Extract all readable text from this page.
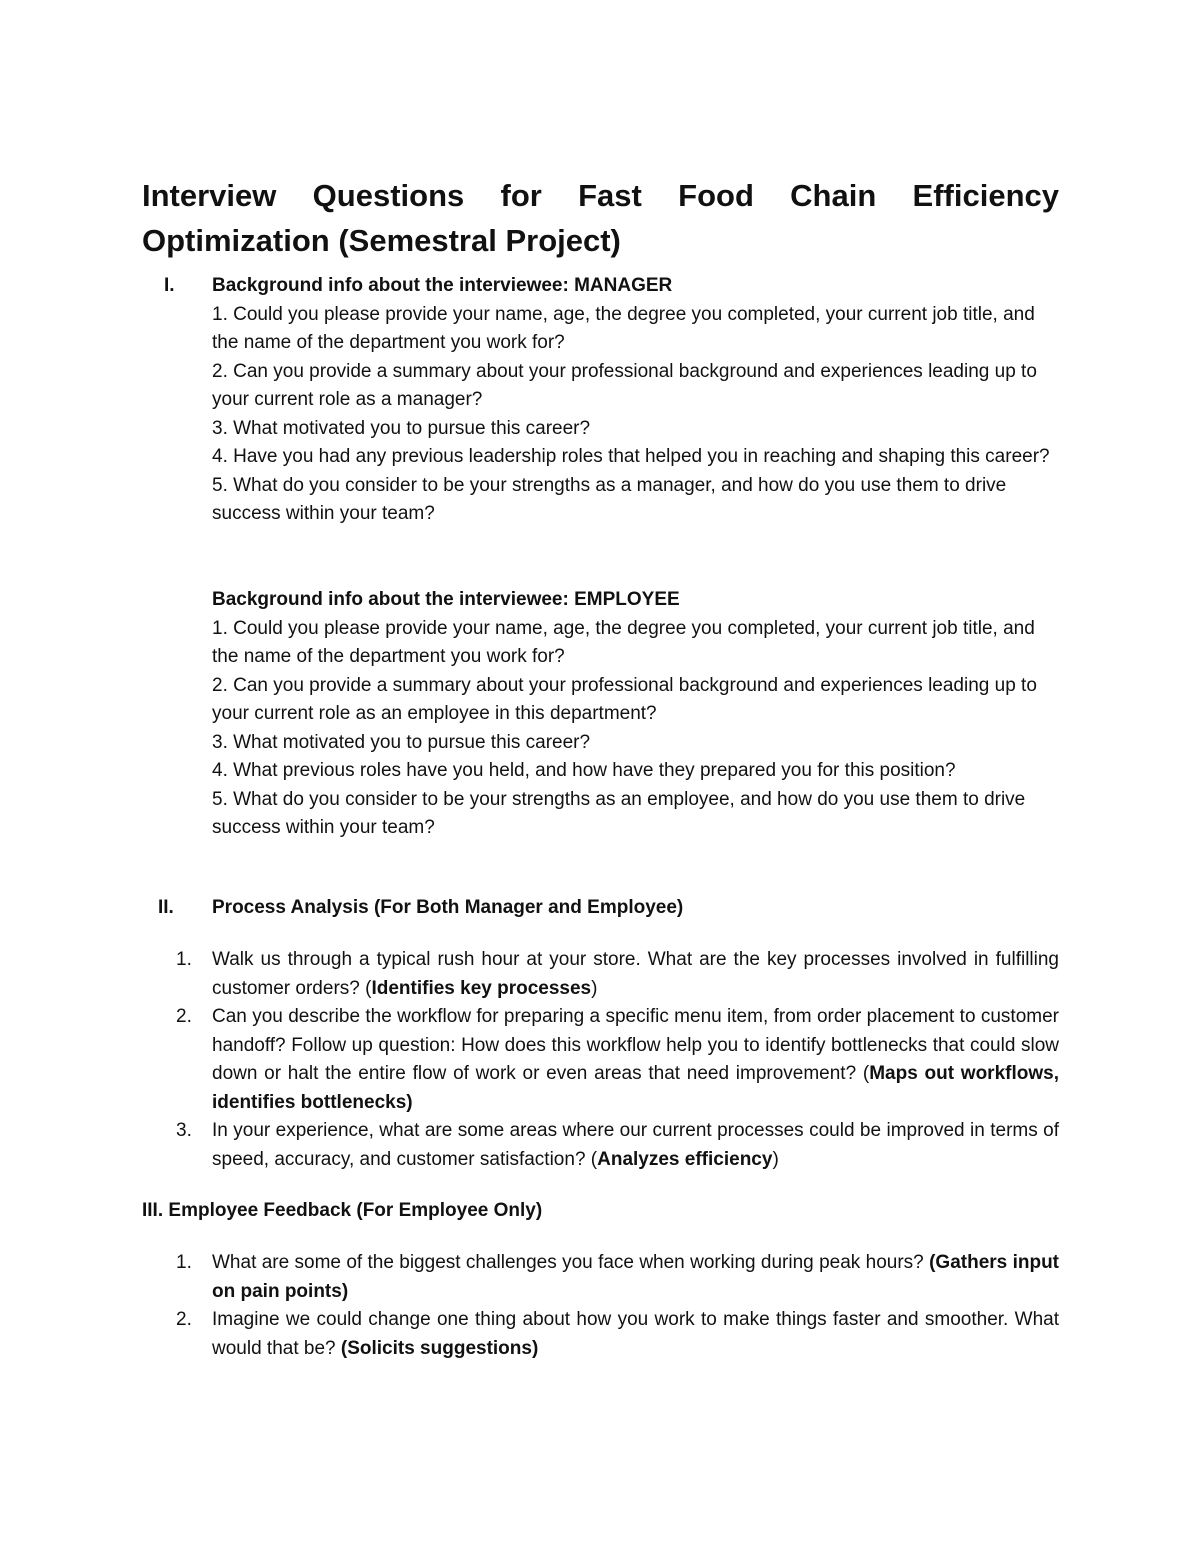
Interview Questions for Fast Food Chain Efficiency
Optimization (Semestral Project)
I. Background info about the interviewee: MANAGER
1. Could you please provide your name, age, the degree you completed, your current job title, and the name of the department you work for?
2. Can you provide a summary about your professional background and experiences leading up to your current role as a manager?
3. What motivated you to pursue this career?
4. Have you had any previous leadership roles that helped you in reaching and shaping this career?
5. What do you consider to be your strengths as a manager, and how do you use them to drive success within your team?
Background info about the interviewee: EMPLOYEE
1. Could you please provide your name, age, the degree you completed, your current job title, and the name of the department you work for?
2. Can you provide a summary about your professional background and experiences leading up to your current role as an employee in this department?
3. What motivated you to pursue this career?
4. What previous roles have you held, and how have they prepared you for this position?
5. What do you consider to be your strengths as an employee, and how do you use them to drive success within your team?
II. Process Analysis (For Both Manager and Employee)
1. Walk us through a typical rush hour at your store. What are the key processes involved in fulfilling customer orders? (Identifies key processes)
2. Can you describe the workflow for preparing a specific menu item, from order placement to customer handoff? Follow up question: How does this workflow help you to identify bottlenecks that could slow down or halt the entire flow of work or even areas that need improvement? (Maps out workflows, identifies bottlenecks)
3. In your experience, what are some areas where our current processes could be improved in terms of speed, accuracy, and customer satisfaction? (Analyzes efficiency)
III. Employee Feedback (For Employee Only)
1. What are some of the biggest challenges you face when working during peak hours? (Gathers input on pain points)
2. Imagine we could change one thing about how you work to make things faster and smoother. What would that be? (Solicits suggestions)
